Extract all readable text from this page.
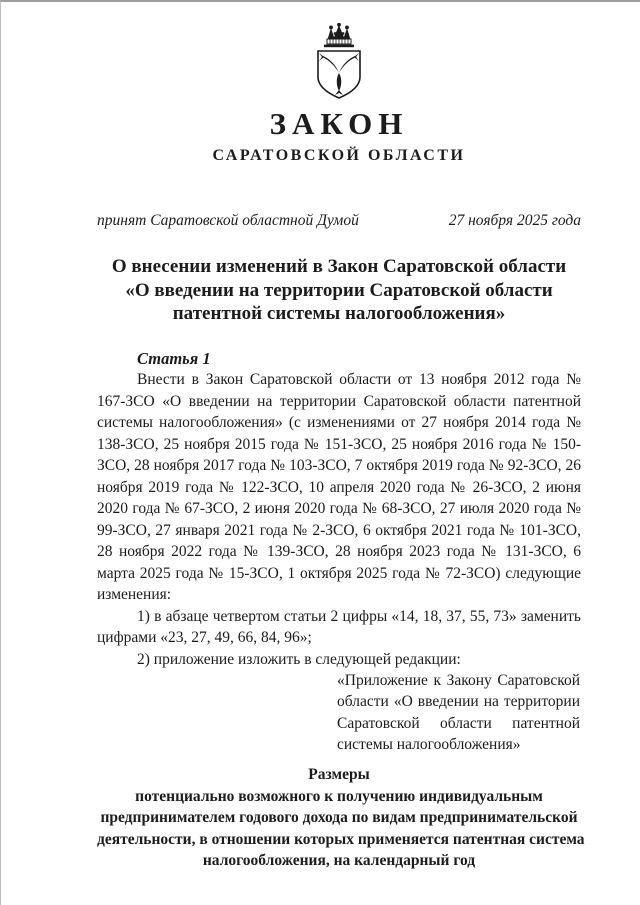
ЗАКОН
САРАТОВСКОЙ ОБЛАСТИ
принят Саратовской областной Думой	27 ноября 2025 года
О внесении изменений в Закон Саратовской области
«О введении на территории Саратовской области
патентной системы налогообложения»

Статья 1

Внести в Закон Саратовской области от 13 ноября 2012 года № 167-ЗСО «О введении на территории Саратовской области патентной системы налогообложения» (с изменениями от 27 ноября 2014 года № 138-ЗСО, 25 ноября 2015 года № 151-ЗСО, 25 ноября 2016 года № 150-ЗСО, 28 ноября 2017 года № 103-ЗСО, 7 октября 2019 года № 92-ЗСО, 26 ноября 2019 года № 122-ЗСО, 10 апреля 2020 года № 26-ЗСО, 2 июня 2020 года № 67-ЗСО, 2 июня 2020 года № 68-ЗСО, 27 июля 2020 года № 99-ЗСО, 27 января 2021 года № 2-ЗСО, 6 октября 2021 года № 101-ЗСО, 28 ноября 2022 года № 139-ЗСО, 28 ноября 2023 года № 131-ЗСО, 6 марта 2025 года № 15-ЗСО, 1 октября 2025 года № 72-ЗСО) следующие изменения:

1) в абзаце четвертом статьи 2 цифры «14, 18, 37, 55, 73» заменить цифрами «23, 27, 49, 66, 84, 96»;

2) приложение изложить в следующей редакции:

«Приложение к Закону Саратовской
области «О введении на территории
Саратовской области патентной
системы налогообложения»
Размеры
потенциально возможного к получению индивидуальным
предпринимателем годового дохода по видам предпринимательской
деятельности, в отношении которых применяется патентная система
налогообложения, на календарный год
